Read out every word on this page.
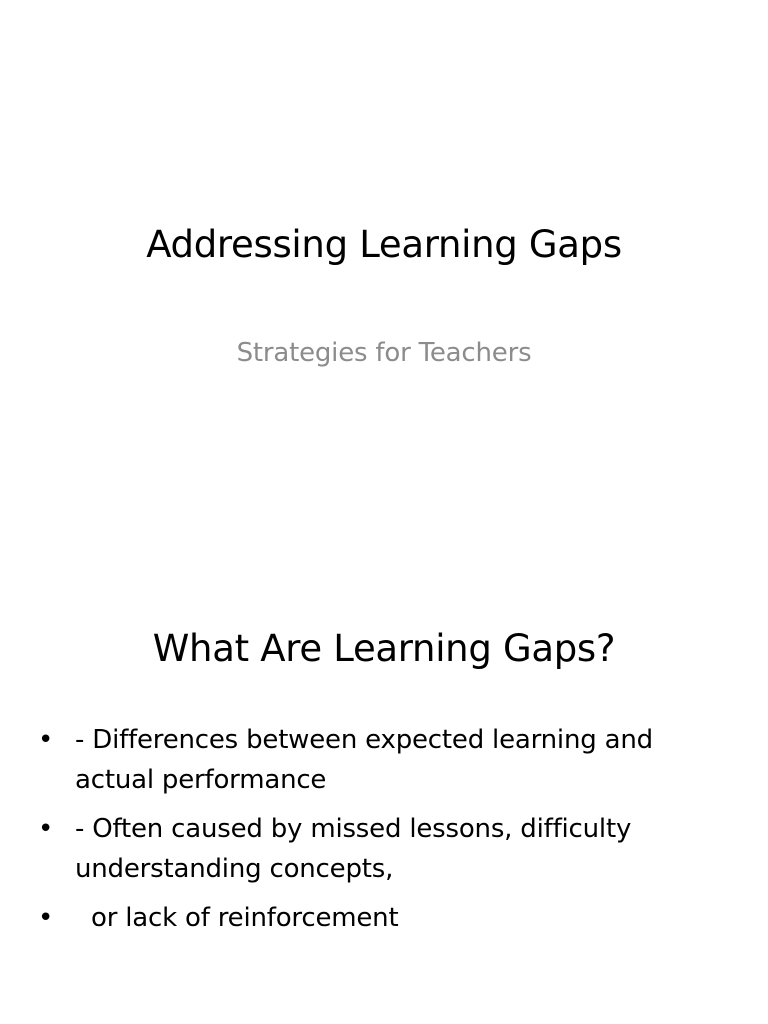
Addressing Learning Gaps
Strategies for Teachers
What Are Learning Gaps?
• - Differences between expected learning and actual performance
• - Often caused by missed lessons, difficulty understanding concepts,
• or lack of reinforcement
